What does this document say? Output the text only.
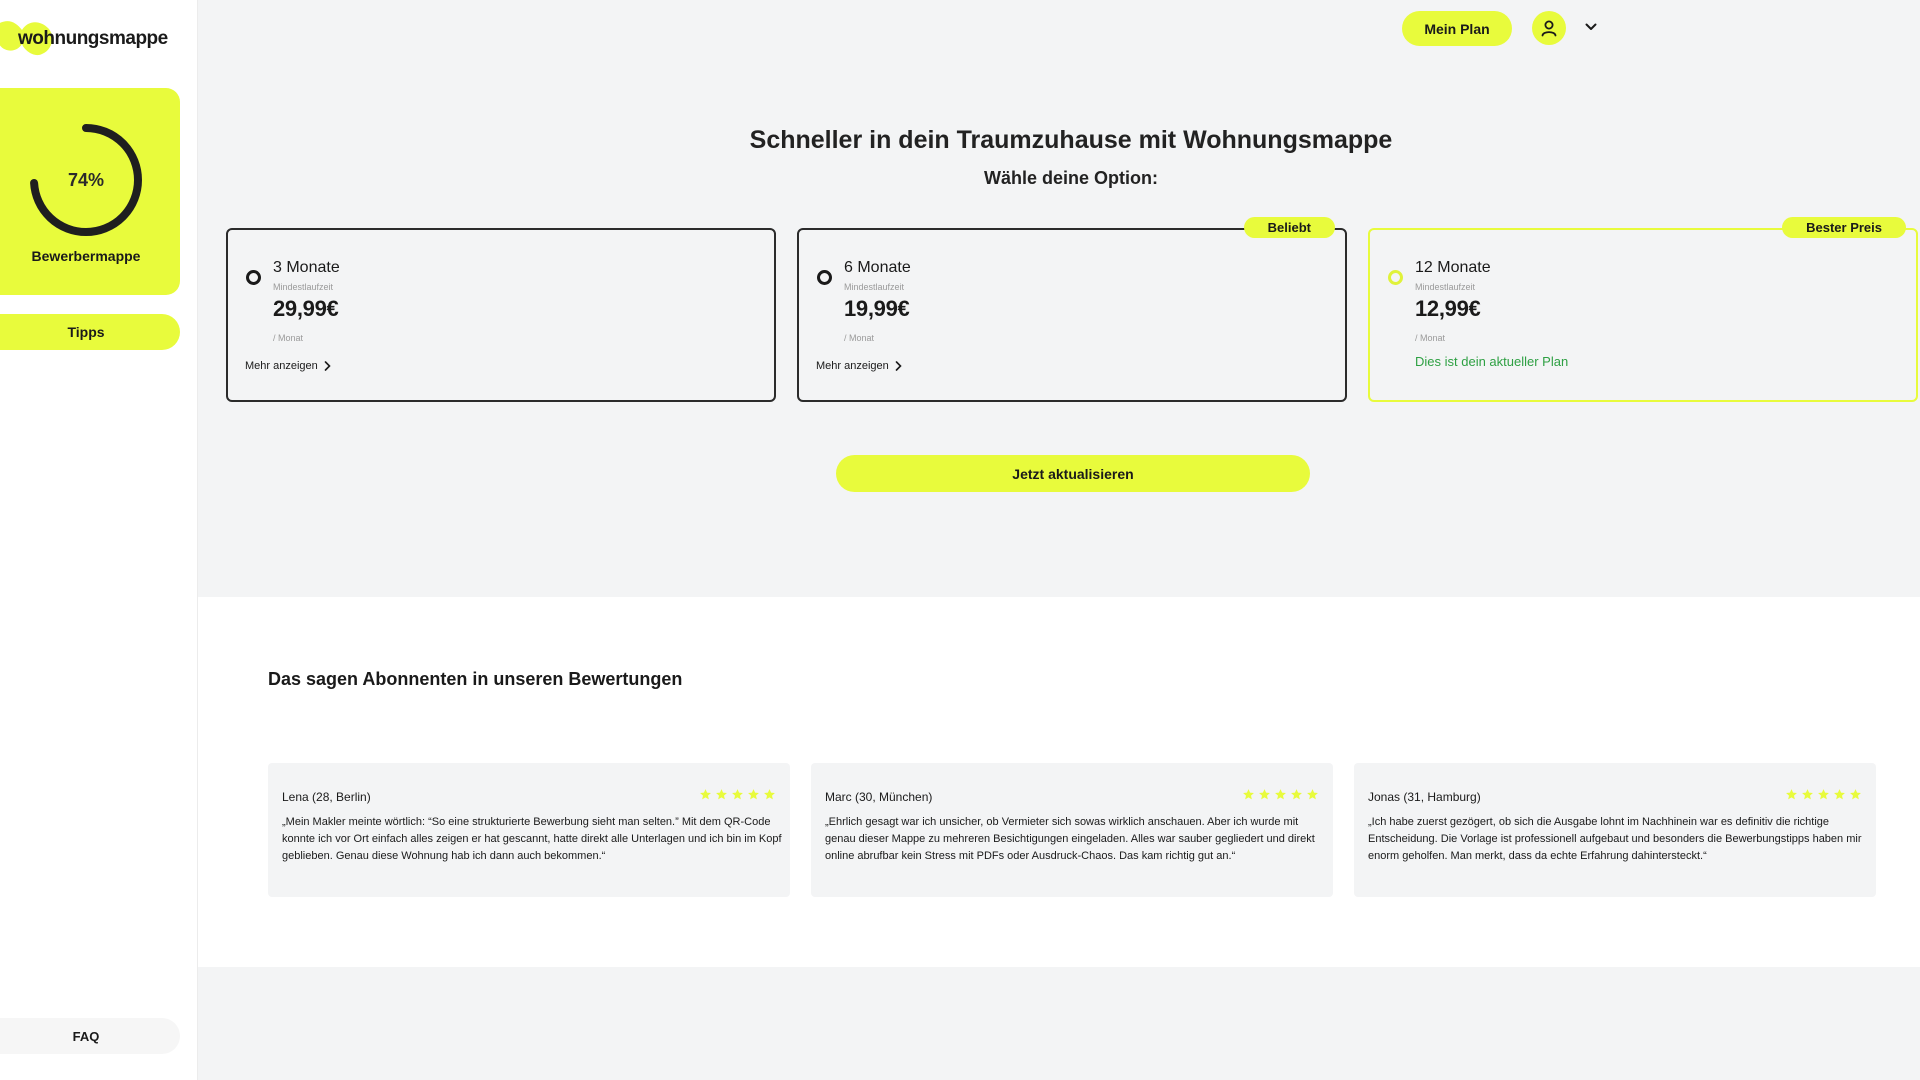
wohnungsmappe
74%
Bewerbermappe
Tipps
FAQ
Mein Plan
Schneller in dein Traumzuhause mit Wohnungsmappe
Wähle deine Option:
3 Monate
Mindestlaufzeit
29,99€
/ Monat
Mehr anzeigen
Beliebt
6 Monate
Mindestlaufzeit
19,99€
/ Monat
Mehr anzeigen
Bester Preis
12 Monate
Mindestlaufzeit
12,99€
/ Monat
Dies ist dein aktueller Plan
Jetzt aktualisieren
Das sagen Abonnenten in unseren Bewertungen
Lena (28, Berlin)

„Mein Makler meinte wörtlich: “So eine strukturierte Bewerbung sieht man selten.” Mit dem QR-Code konnte ich vor Ort einfach alles zeigen er hat gescannt, hatte direkt alle Unterlagen und ich bin im Kopf geblieben. Genau diese Wohnung hab ich dann auch bekommen.“

Marc (30, München)

„Ehrlich gesagt war ich unsicher, ob Vermieter sich sowas wirklich anschauen. Aber ich wurde mit genau dieser Mappe zu mehreren Besichtigungen eingeladen. Alles war sauber gegliedert und direkt online abrufbar kein Stress mit PDFs oder Ausdruck-Chaos. Das kam richtig gut an.“

Jonas (31, Hamburg)

„Ich habe zuerst gezögert, ob sich die Ausgabe lohnt im Nachhinein war es definitiv die richtige Entscheidung. Die Vorlage ist professionell aufgebaut und besonders die Bewerbungstipps haben mir enorm geholfen. Man merkt, dass da echte Erfahrung dahintersteckt.“
